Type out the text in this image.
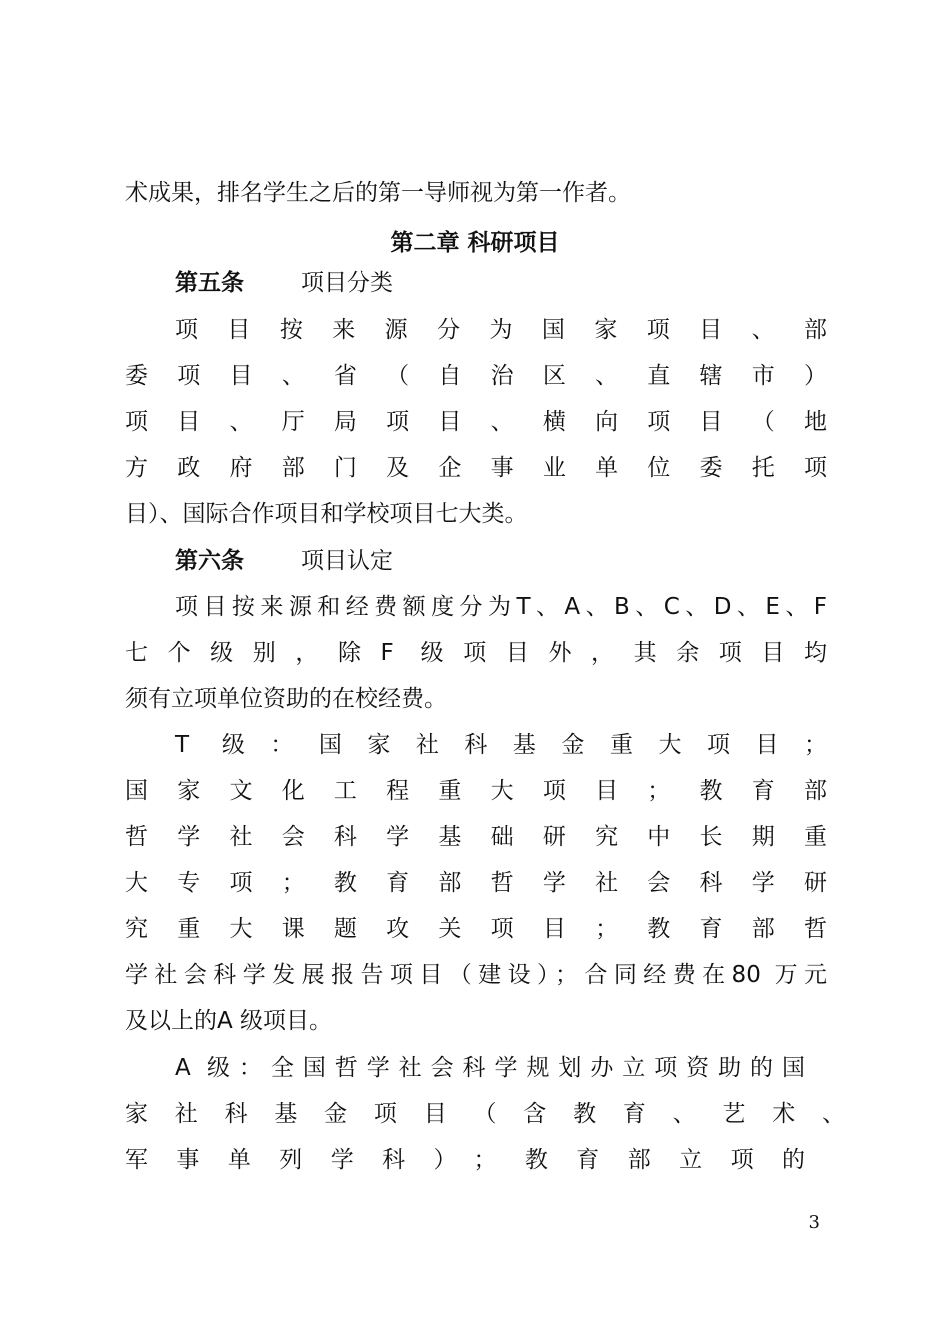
术成果，排名学生之后的第一导师视为第一作者。
第二章 科研项目
第五条 项目分类
项目按来源分为国家项目、部
委项目、省（自治区、直辖市）
项目、厅局项目、横向项目（地
方政府部门及企事业单位委托项
目）、国际合作项目和学校项目七大类。
第六条 项目认定
项目按来源和经费额度分为T、A、B、C、D、E、F
七个级别，除F 级项目外，其余项目均
须有立项单位资助的在校经费。
T 级：国家社科基金重大项目；
国家文化工程重大项目；教育部
哲学社会科学基础研究中长期重
大专项；教育部哲学社会科学研
究重大课题攻关项目；教育部哲
学社会科学发展报告项目（建设）；合同经费在80 万元
及以上的A 级项目。
A 级：全国哲学社会科学规划办立项资助的国
家社科基金项目（含教育、艺术、
军事单列学科）；教育部立项的
3
